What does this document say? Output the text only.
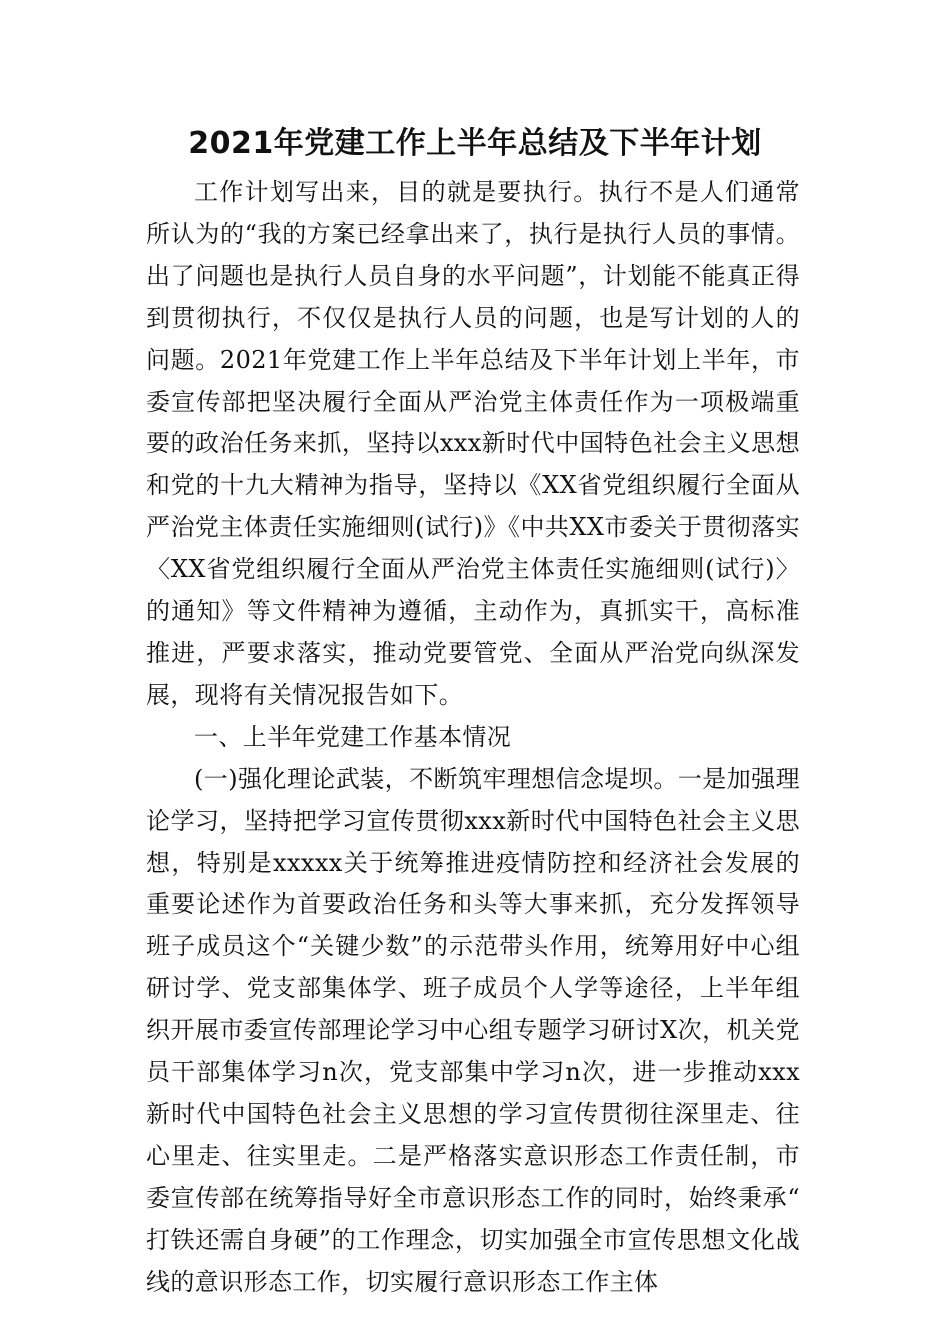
2021年党建工作上半年总结及下半年计划

工作计划写出来，目的就是要执行。执行不是人们通常所认为的“我的方案已经拿出来了，执行是执行人员的事情。出了问题也是执行人员自身的水平问题”，计划能不能真正得到贯彻执行，不仅仅是执行人员的问题，也是写计划的人的问题。2021年党建工作上半年总结及下半年计划上半年，市委宣传部把坚决履行全面从严治党主体责任作为一项极端重要的政治任务来抓，坚持以xxx新时代中国特色社会主义思想和党的十九大精神为指导，坚持以《XX省党组织履行全面从严治党主体责任实施细则(试行)》《中共XX市委关于贯彻落实〈XX省党组织履行全面从严治党主体责任实施细则(试行)〉的通知》等文件精神为遵循，主动作为，真抓实干，高标准推进，严要求落实，推动党要管党、全面从严治党向纵深发展，现将有关情况报告如下。

一、上半年党建工作基本情况

(一)强化理论武装，不断筑牢理想信念堤坝。一是加强理论学习，坚持把学习宣传贯彻xxx新时代中国特色社会主义思想，特别是xxxxx关于统筹推进疫情防控和经济社会发展的重要论述作为首要政治任务和头等大事来抓，充分发挥领导班子成员这个“关键少数”的示范带头作用，统筹用好中心组研讨学、党支部集体学、班子成员个人学等途径，上半年组织开展市委宣传部理论学习中心组专题学习研讨X次，机关党员干部集体学习n次，党支部集中学习n次，进一步推动xxx新时代中国特色社会主义思想的学习宣传贯彻往深里走、往心里走、往实里走。二是严格落实意识形态工作责任制，市委宣传部在统筹指导好全市意识形态工作的同时，始终秉承“打铁还需自身硬”的工作理念，切实加强全市宣传思想文化战线的意识形态工作，切实履行意识形态工作主体
